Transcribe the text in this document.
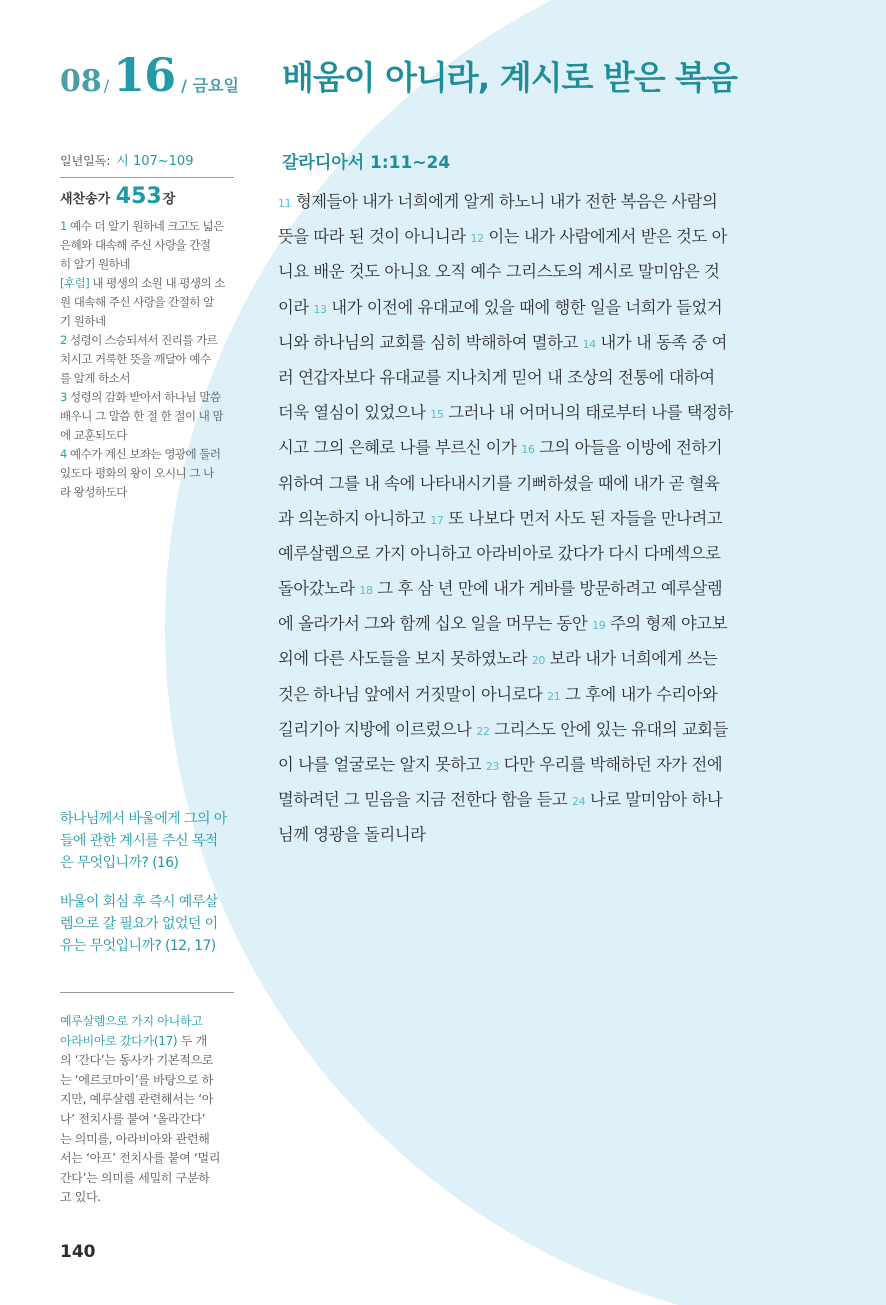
08 / 16 / 금요일 배움이 아니라, 계시로 받은 복음
일년일독: 시 107~109
새찬송가 453장
1 예수 더 알기 원하네 크고도 넓은
은혜와 대속해 주신 사랑을 간절
히 알기 원하네
[후렴] 내 평생의 소원 내 평생의 소
원 대속해 주신 사랑을 간절히 알
기 원하네
2 성령이 스승되셔서 진리를 가르
치시고 거룩한 뜻을 깨달아 예수
를 알게 하소서
3 성령의 감화 받아서 하나님 말씀
배우니 그 말씀 한 절 한 절이 내 맘
에 교훈되도다
4 예수가 계신 보좌는 영광에 둘러
있도다 평화의 왕이 오시니 그 나
라 왕성하도다
하나님께서 바울에게 그의 아
들에 관한 계시를 주신 목적
은 무엇입니까? (16)
바울이 회심 후 즉시 예루살
렘으로 갈 필요가 없었던 이
유는 무엇입니까? (12, 17)
예루살렘으로 가지 아니하고
아라비아로 갔다가(17) 두 개
의 ‘간다’는 동사가 기본적으로
는 ‘에르코마이’를 바탕으로 하
지만, 예루살렘 관련해서는 ‘아
나’ 전치사를 붙여 ‘올라간다’
는 의미를, 아라비아와 관련해
서는 ‘아프’ 전치사를 붙여 ‘멀리
간다’는 의미를 세밀히 구분하
고 있다.
140
갈라디아서 1:11~24
11 형제들아 내가 너희에게 알게 하노니 내가 전한 복음은 사람의
뜻을 따라 된 것이 아니니라 12 이는 내가 사람에게서 받은 것도 아
니요 배운 것도 아니요 오직 예수 그리스도의 계시로 말미암은 것
이라 13 내가 이전에 유대교에 있을 때에 행한 일을 너희가 들었거
니와 하나님의 교회를 심히 박해하여 멸하고 14 내가 내 동족 중 여
러 연갑자보다 유대교를 지나치게 믿어 내 조상의 전통에 대하여
더욱 열심이 있었으나 15 그러나 내 어머니의 태로부터 나를 택정하
시고 그의 은혜로 나를 부르신 이가 16 그의 아들을 이방에 전하기
위하여 그를 내 속에 나타내시기를 기뻐하셨을 때에 내가 곧 혈육
과 의논하지 아니하고 17 또 나보다 먼저 사도 된 자들을 만나려고
예루살렘으로 가지 아니하고 아라비아로 갔다가 다시 다메섹으로
돌아갔노라 18 그 후 삼 년 만에 내가 게바를 방문하려고 예루살렘
에 올라가서 그와 함께 십오 일을 머무는 동안 19 주의 형제 야고보
외에 다른 사도들을 보지 못하였노라 20 보라 내가 너희에게 쓰는
것은 하나님 앞에서 거짓말이 아니로다 21 그 후에 내가 수리아와
길리기아 지방에 이르렀으나 22 그리스도 안에 있는 유대의 교회들
이 나를 얼굴로는 알지 못하고 23 다만 우리를 박해하던 자가 전에
멸하려던 그 믿음을 지금 전한다 함을 듣고 24 나로 말미암아 하나
님께 영광을 돌리니라
